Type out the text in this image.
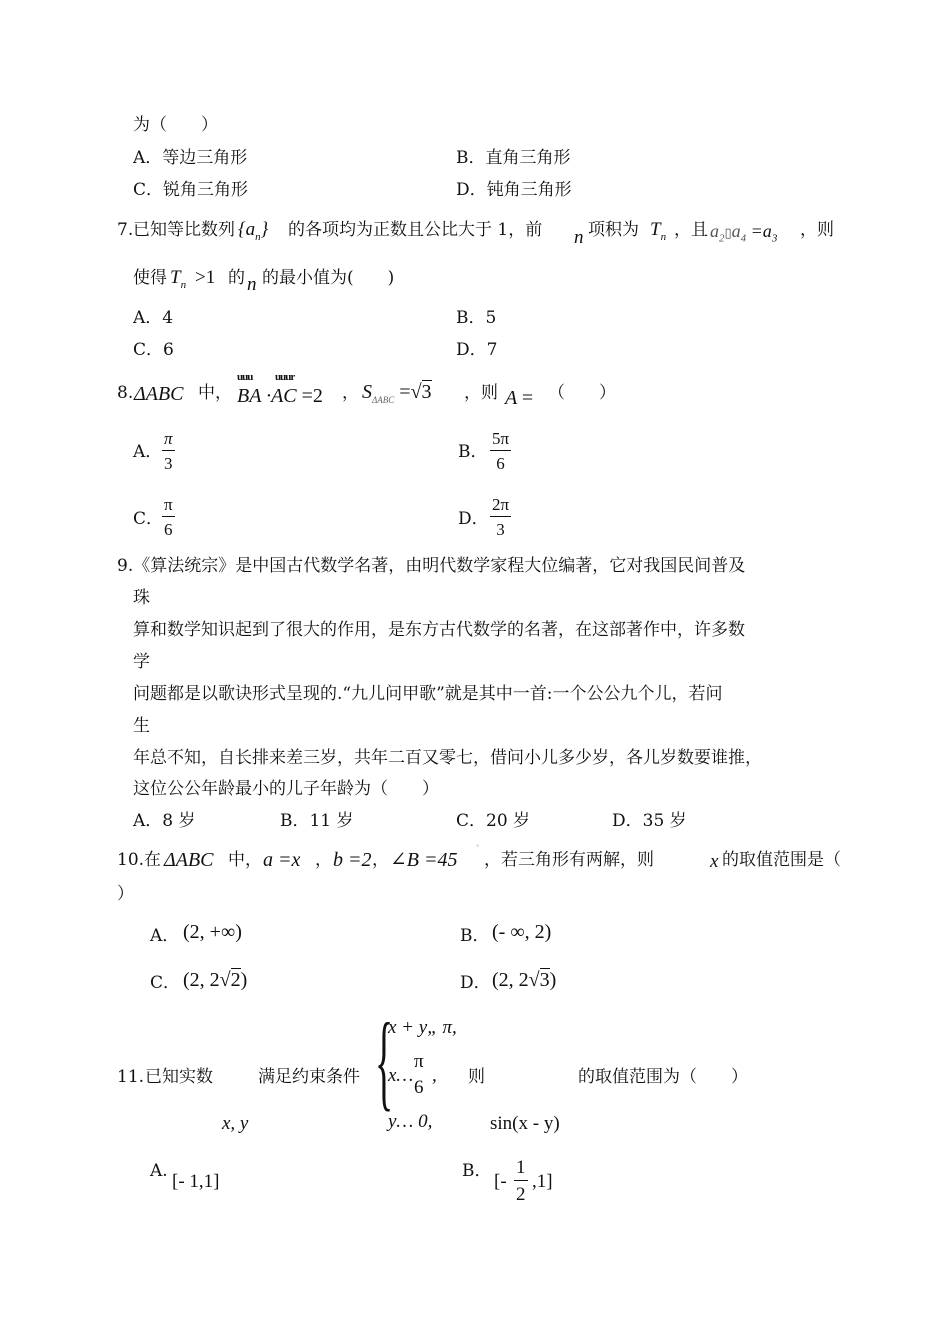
为（　　）
A．等边三角形	B．直角三角形
C．锐角三角形	D．钝角三角形
7. 已知等比数列 $\{a_n\}$ 的各项均为正数且公比大于 1，前 n 项积为 $T_n$ ，且 $a_2▯a_4 =a_3$ ，则
使得 $T_n >1$ 的 n 的最小值为(　　)
A．4	B．5
C．6	D．7
8. ΔABC 中，
uuu uuur
BA ·AC =2 ， $S_{\Delta ABC} =√3$ ，则 A = （　　）
A． $\frac{\pi}{3}$	B． $\frac{5\pi}{6}$
C．
$\frac{\pi}{6}$	D． $\frac{2\pi}{3}$
9.《算法统宗》是中国古代数学名著，由明代数学家程大位编著，它对我国民间普及
珠
算和数学知识起到了很大的作用，是东方古代数学的名著，在这部著作中，许多数
学
问题都是以歌诀形式呈现的.“九儿问甲歌”就是其中一首:一个公公九个儿，若问
生
年总不知，自长排来差三岁，共年二百又零七，借问小儿多少岁，各儿岁数要谁推，
这位公公年龄最小的儿子年龄为（　　）
A．8 岁	B．11 岁	C．20 岁	D．35 岁
10. 在 ΔABC 中， a =x ， b =2 ， ∠B =45 ˚
，若三角形有两解，则	x 的取值范围是（
）
A． (2, +∞)	B． (- ∞, 2)
C． (2, 2√2)	D． (2, 2√3)
11. 已知实数	满足约束条件 {
x + y„ π,
x…
π
6
,
y… 0,
则	的取值范围为（　　）
x, y	sin(x - y)
A. [- 1,1]	B． [- $\frac{1}{2} ,1$]
